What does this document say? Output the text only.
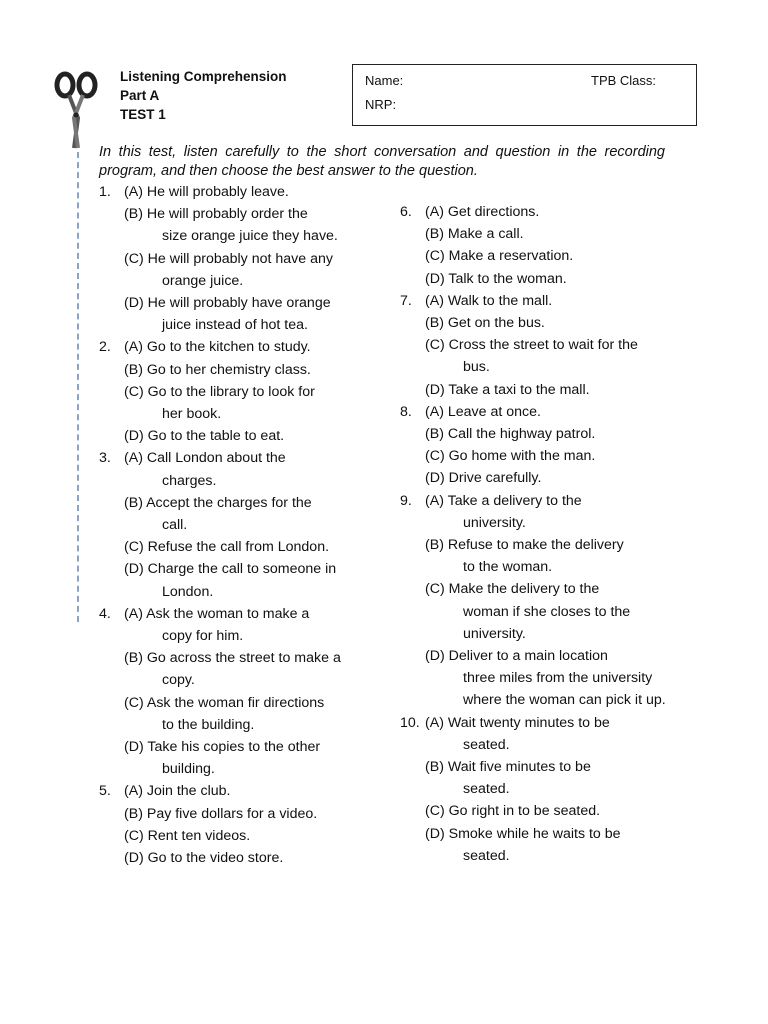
Listening Comprehension
Part A
TEST 1
Name:	TPB Class:
NRP:
In this test, listen carefully to the short conversation and question in the recording program, and then choose the best answer to the question.
1. (A) He will probably leave.
(B) He will probably order the
size orange juice they have.
(C) He will probably not have any
orange juice.
(D) He will probably have orange
juice instead of hot tea.
2. (A) Go to the kitchen to study.
(B) Go to her chemistry class.
(C) Go to the library to look for
her book.
(D) Go to the table to eat.
3. (A) Call London about the
charges.
(B) Accept the charges for the
call.
(C) Refuse the call from London.
(D) Charge the call to someone in
London.
4. (A) Ask the woman to make a
copy for him.
(B) Go across the street to make a
copy.
(C) Ask the woman fir directions
to the building.
(D) Take his copies to the other
building.
5. (A) Join the club.
(B) Pay five dollars for a video.
(C) Rent ten videos.
(D) Go to the video store.
6. (A) Get directions.
(B) Make a call.
(C) Make a reservation.
(D) Talk to the woman.
7. (A) Walk to the mall.
(B) Get on the bus.
(C) Cross the street to wait for the
bus.
(D) Take a taxi to the mall.
8. (A) Leave at once.
(B) Call the highway patrol.
(C) Go home with the man.
(D) Drive carefully.
9. (A) Take a delivery to the
university.
(B) Refuse to make the delivery
to the woman.
(C) Make the delivery to the
woman if she closes to the university.
(D) Deliver to a main location
three miles from the university where the woman can pick it up.
10. (A) Wait twenty minutes to be
seated.
(B) Wait five minutes to be
seated.
(C) Go right in to be seated.
(D) Smoke while he waits to be
seated.
